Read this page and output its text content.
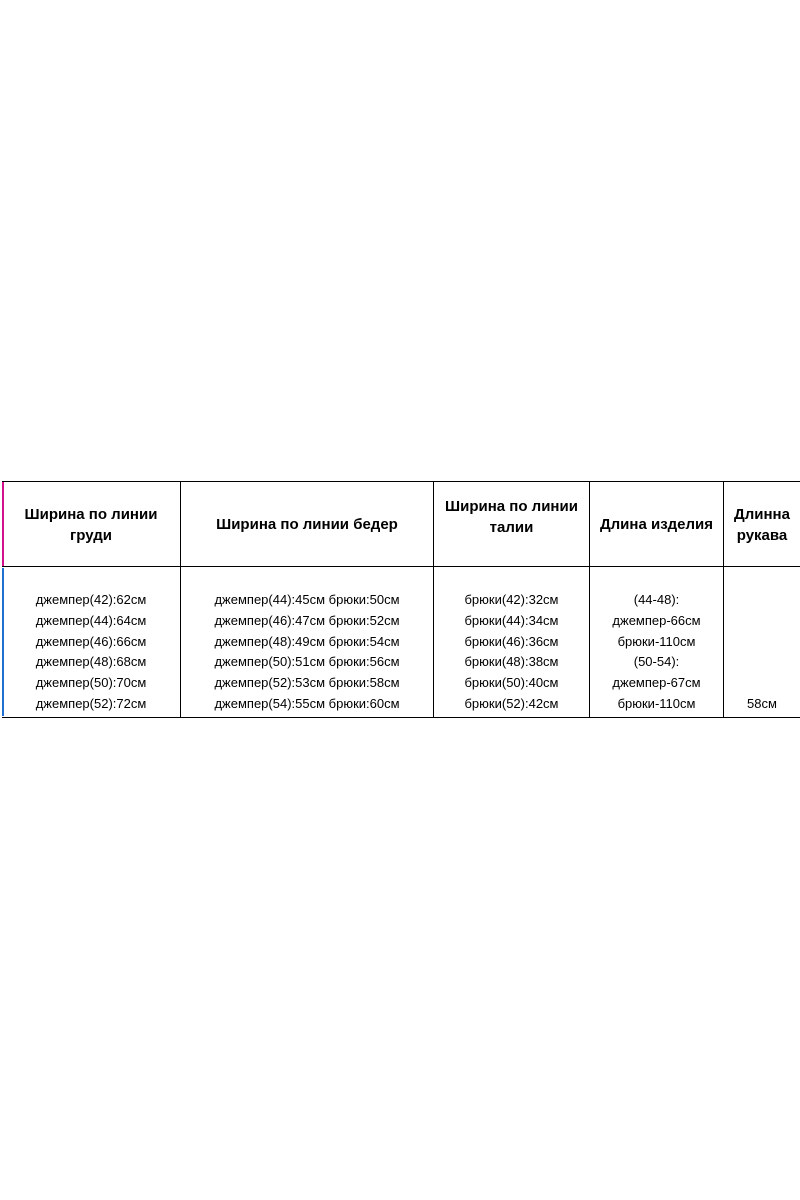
Ширина по линии груди
Ширина по линии бедер
Ширина по линии талии	Длина изделия
Длинна рукава
джемпер(42):62см
джемпер(44):64см
джемпер(46):66см
джемпер(48):68см
джемпер(50):70см
джемпер(52):72см
джемпер(44):45см брюки:50см
джемпер(46):47см брюки:52см
джемпер(48):49см брюки:54см
джемпер(50):51см брюки:56см
джемпер(52):53см брюки:58см
джемпер(54):55см брюки:60см
брюки(42):32см
брюки(44):34см
брюки(46):36см
брюки(48):38см
брюки(50):40см
брюки(52):42см
(44-48):
джемпер-66см
брюки-110см
(50-54):
джемпер-67см
брюки-110см	58см
